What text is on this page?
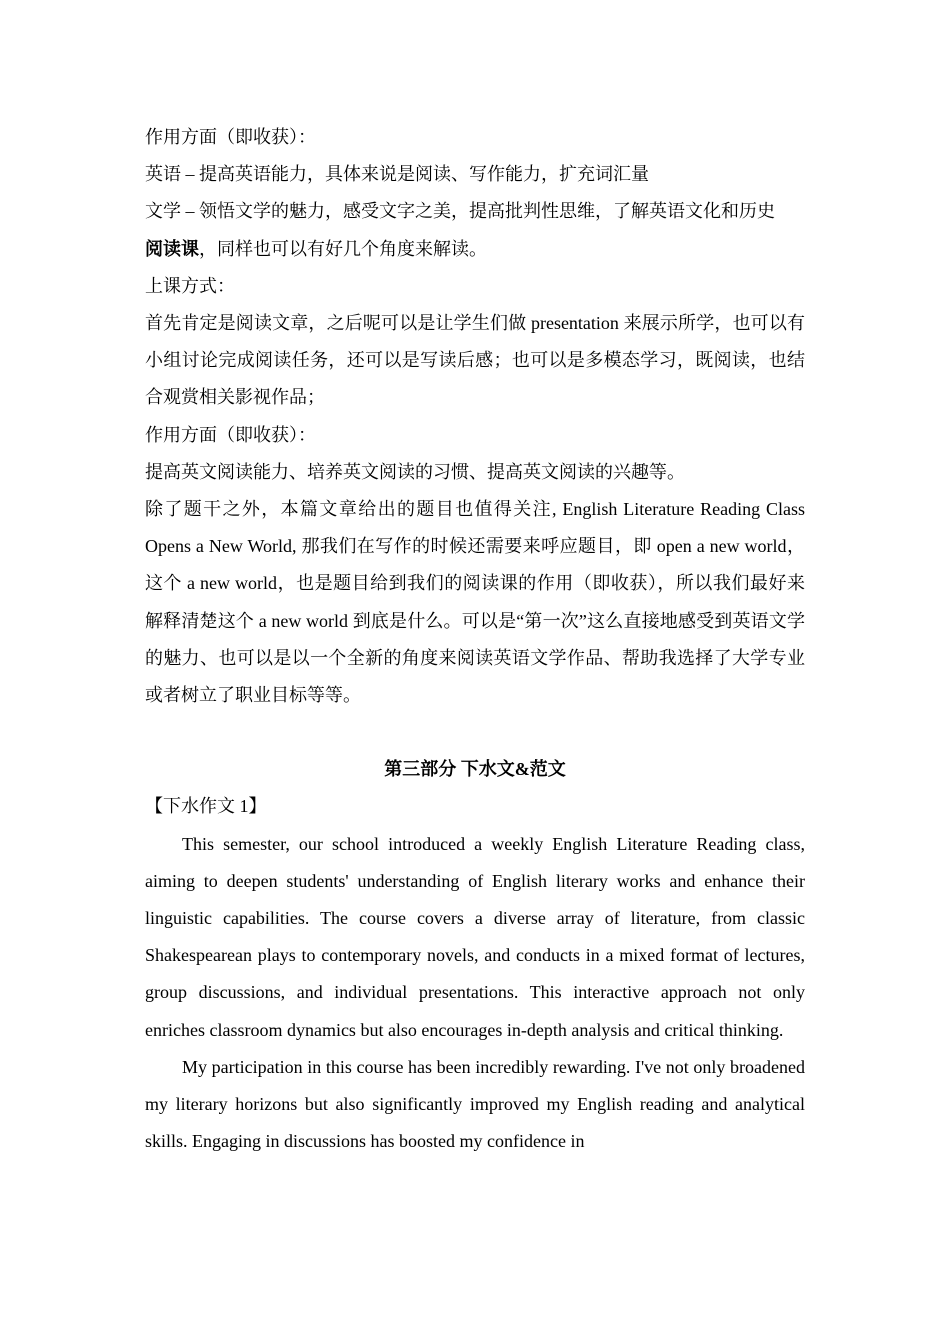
作用方面（即收获）：

英语 – 提高英语能力，具体来说是阅读、写作能力，扩充词汇量

文学 – 领悟文学的魅力，感受文字之美，提高批判性思维，了解英语文化和历史

阅读课，同样也可以有好几个角度来解读。

上课方式：

首先肯定是阅读文章，之后呢可以是让学生们做 presentation 来展示所学，也可以有小组讨论完成阅读任务，还可以是写读后感；也可以是多模态学习，既阅读，也结合观赏相关影视作品；

作用方面（即收获）：

提高英文阅读能力、培养英文阅读的习惯、提高英文阅读的兴趣等。

除了题干之外，本篇文章给出的题目也值得关注, English Literature Reading Class Opens a New World, 那我们在写作的时候还需要来呼应题目，即 open a new world，这个 a new world，也是题目给到我们的阅读课的作用（即收获），所以我们最好来解释清楚这个 a new world 到底是什么。可以是“第一次”这么直接地感受到英语文学的魅力、也可以是以一个全新的角度来阅读英语文学作品、帮助我选择了大学专业或者树立了职业目标等等。

第三部分 下水文&范文

【下水作文 1】

This semester, our school introduced a weekly English Literature Reading class, aiming to deepen students' understanding of English literary works and enhance their linguistic capabilities. The course covers a diverse array of literature, from classic Shakespearean plays to contemporary novels, and conducts in a mixed format of lectures, group discussions, and individual presentations. This interactive approach not only enriches classroom dynamics but also encourages in-depth analysis and critical thinking.

My participation in this course has been incredibly rewarding. I've not only broadened my literary horizons but also significantly improved my English reading and analytical skills. Engaging in discussions has boosted my confidence in
